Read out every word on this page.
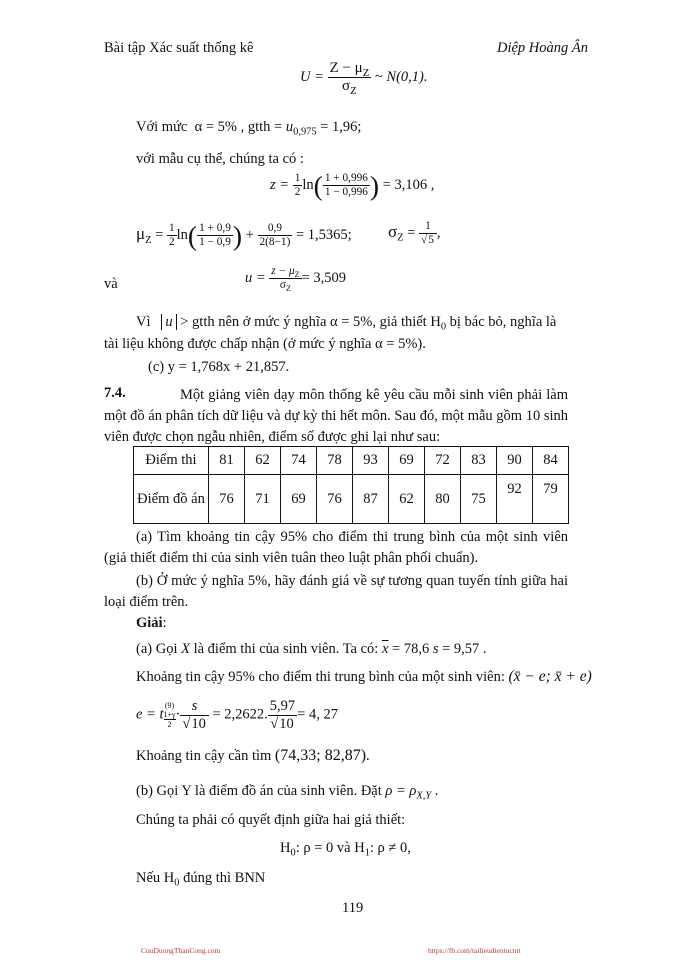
Bài tập Xác suất thống kê	Diệp Hoàng Ân
$U = \frac{Z - \mu_Z}{\sigma_Z}$ ~ N(0,1).
Với mức α = 5% , gtth = $u_{0,975} = 1,96$;
với mẫu cụ thể, chúng ta có :
$z = \frac{1}{2} \ln( \frac{1 + 0,996}{1 - 0,996}$ ) = 3,106 ,
$\mu_Z = \frac{1}{2} \ln( \frac{1 + 0,9}{1 - 0,9}$ ) + $\frac{0,9}{2(8-1)} = 1,5365$; $\sigma_Z = \frac{1}{√5}$ ,
và	$u = \frac{z - \mu_Z}{\sigma_Z} = 3,509$
Vì u > gtth nên ở mức ý nghĩa α = 5%, giả thiết $H_0$ bị bác bỏ, nghĩa là
tài liệu không được chấp nhận (ở mức ý nghĩa α = 5%).
(c) y = 1,768x + 21,857.
7.4.	Một giảng viên dạy môn thống kê yêu cầu mỗi sinh viên phải làm một đồ án phân tích dữ liệu và dự kỳ thi hết môn. Sau đó, một mẫu gồm 10 sinh viên được chọn ngẫu nhiên, điểm số được ghi lại như sau:
Điểm thi	81	62	74	78	93	69	72	83	90	84
Điểm đồ án	76	71	69	76	87	62	80	75	92	79
(a) Tìm khoảng tin cậy 95% cho điểm thi trung bình của một sinh viên (giả thiết điểm thi của sinh viên tuân theo luật phân phối chuẩn).
(b) Ở mức ý nghĩa 5%, hãy đánh giá về sự tương quan tuyến tính giữa hai loại điểm trên.
Giải:
(a) Gọi X là điểm thi của sinh viên. Ta có: $\overline{x} = 78,6$ s = 9,57 .
Khoảng tin cậy 95% cho điểm thi trung bình của một sinh viên: (x̄ − e; x̄ + e)
e = t
(9)
1+γ
2
· $\frac{s}{√10} = 2,2622$. $\frac{5,97}{√10} = 4$, 27
Khoảng tin cậy cần tìm (74,33; 82,87).
(b) Gọi Y là điểm đồ án của sinh viên. Đặt $\rho = \rho_{X,Y}$ .
Chúng ta phải có quyết định giữa hai giả thiết:
$H_0$: ρ = 0 và $H_1$: ρ ≠ 0,
Nếu $H_0$ đúng thì BNN
119
CuuDuongThanCong.com	https://fb.com/tailieudientucntt
